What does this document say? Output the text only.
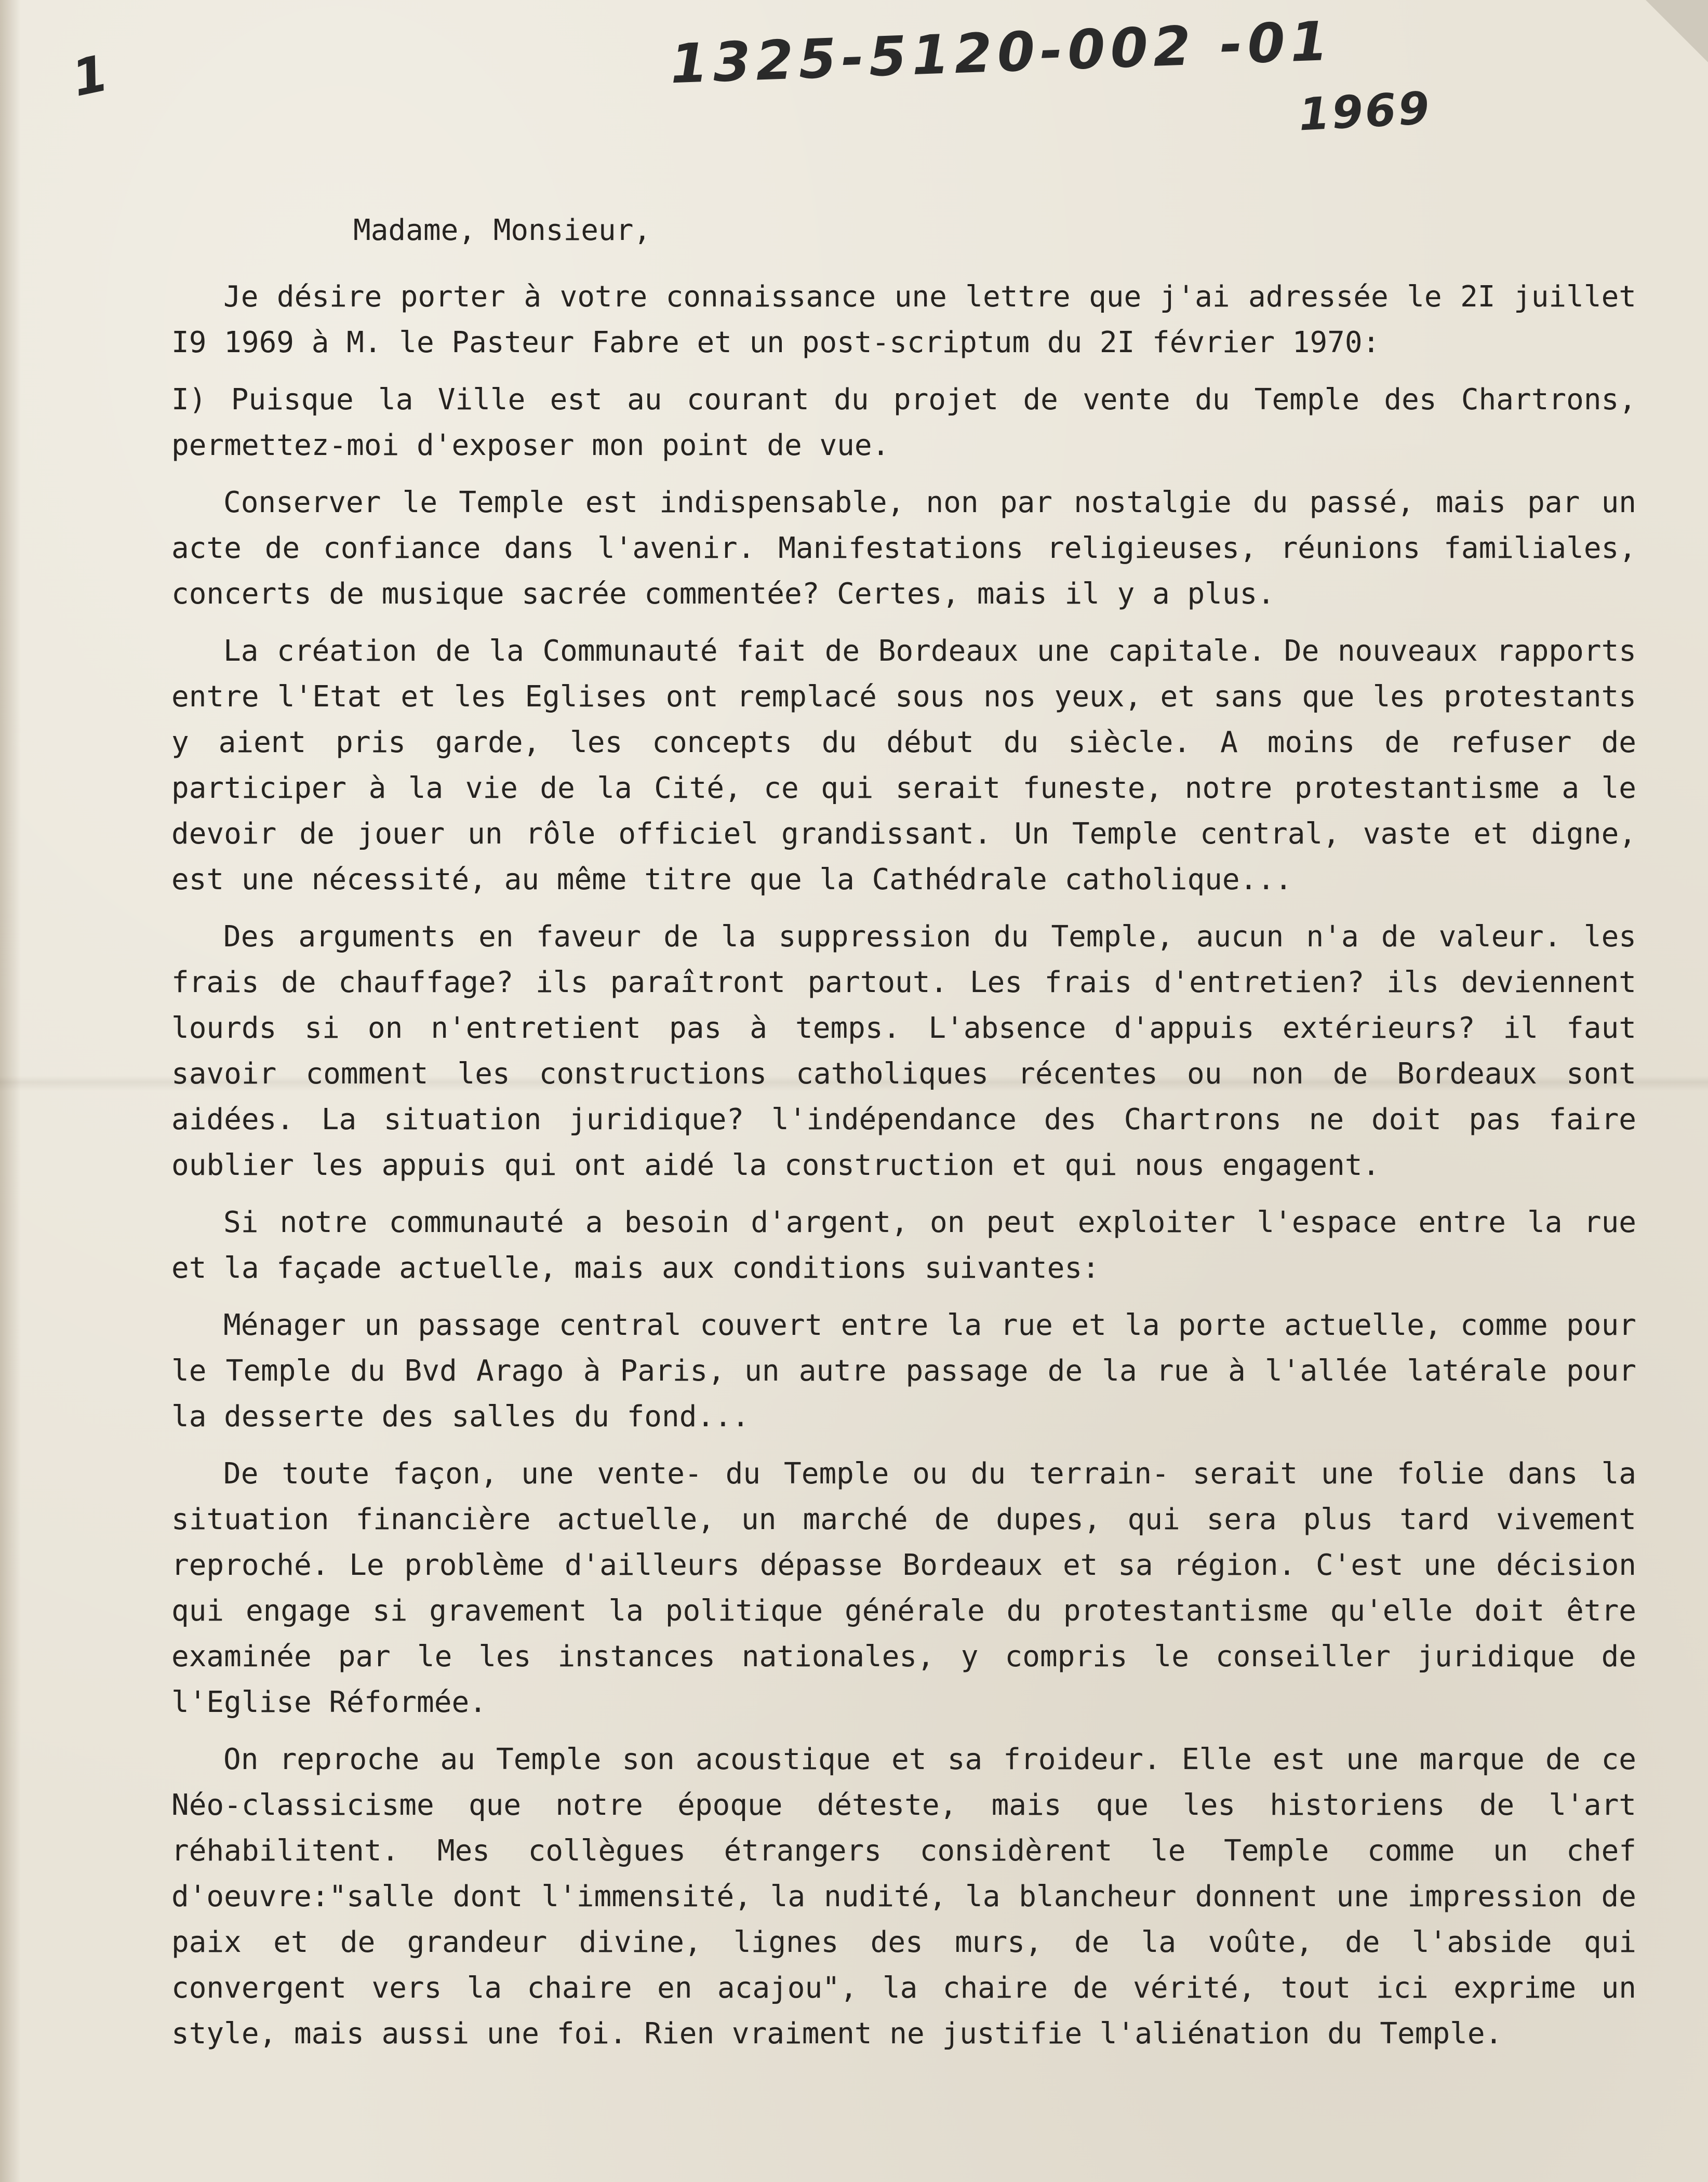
1	1325-5120-002 -01
1969
Madame, Monsieur,

Je désire porter à votre connaissance une lettre que j'ai adressée le 2I juillet I9 1969 à M. le Pasteur Fabre et un post-scriptum du 2I février 1970:

I) Puisque la Ville est au courant du projet de vente du Temple des Chartrons, permettez-moi d'exposer mon point de vue.

Conserver le Temple est indispensable, non par nostalgie du passé, mais par un acte de confiance dans l'avenir. Manifestations religieuses, réunions familiales, concerts de musique sacrée commentée? Certes, mais il y a plus.

La création de la Communauté fait de Bordeaux une capitale. De nouveaux rapports entre l'Etat et les Eglises ont remplacé sous nos yeux, et sans que les protestants y aient pris garde, les concepts du début du siècle. A moins de refuser de participer à la vie de la Cité, ce qui serait funeste, notre protestantisme a le devoir de jouer un rôle officiel grandissant. Un Temple central, vaste et digne, est une nécessité, au même titre que la Cathédrale catholique...

Des arguments en faveur de la suppression du Temple, aucun n'a de valeur. les frais de chauffage? ils paraîtront partout. Les frais d'entretien? ils deviennent lourds si on n'entretient pas à temps. L'absence d'appuis extérieurs? il faut savoir comment les constructions catholiques récentes ou non de Bordeaux sont aidées. La situation juridique? l'indépendance des Chartrons ne doit pas faire oublier les appuis qui ont aidé la construction et qui nous engagent.

Si notre communauté a besoin d'argent, on peut exploiter l'espace entre la rue et la façade actuelle, mais aux conditions suivantes:

Ménager un passage central couvert entre la rue et la porte actuelle, comme pour le Temple du Bvd Arago à Paris, un autre passage de la rue à l'allée latérale pour la desserte des salles du fond...

De toute façon, une vente- du Temple ou du terrain- serait une folie dans la situation financière actuelle, un marché de dupes, qui sera plus tard vivement reproché. Le problème d'ailleurs dépasse Bordeaux et sa région. C'est une décision qui engage si gravement la politique générale du protestantisme qu'elle doit être examinée par le les instances nationales, y compris le conseiller juridique de l'Eglise Réformée.

On reproche au Temple son acoustique et sa froideur. Elle est une marque de ce Néo-classicisme que notre époque déteste, mais que les historiens de l'art réhabilitent. Mes collègues étrangers considèrent le Temple comme un chef d'oeuvre:"salle dont l'immensité, la nudité, la blancheur donnent une impression de paix et de grandeur divine, lignes des murs, de la voûte, de l'abside qui convergent vers la chaire en acajou", la chaire de vérité, tout ici exprime un style, mais aussi une foi. Rien vraiment ne justifie l'aliénation du Temple.
